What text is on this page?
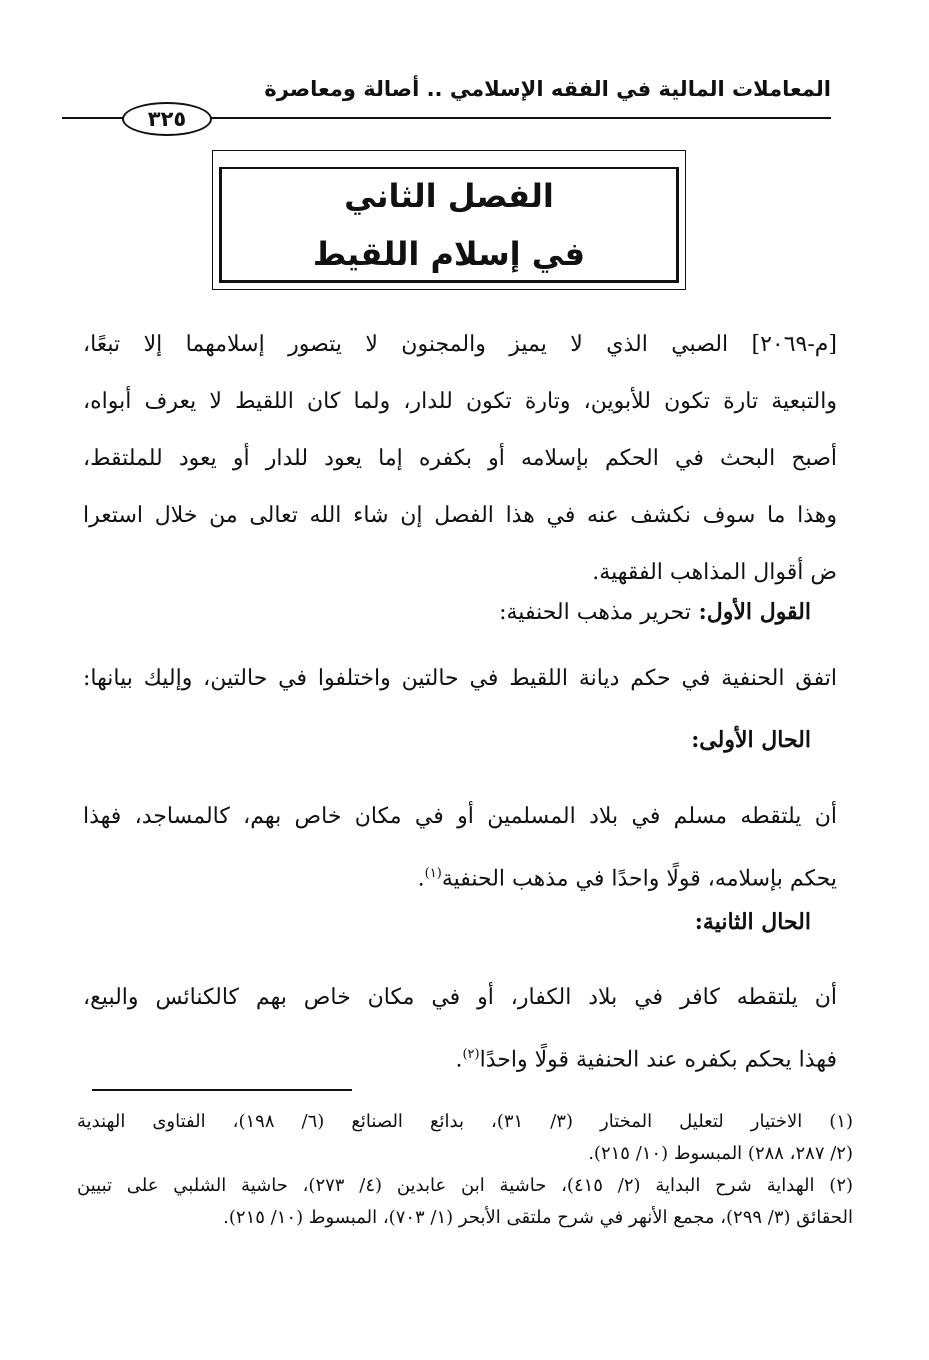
المعاملات المالية في الفقه الإسلامي .. أصالة ومعاصرة
٣٢٥
الفصل الثاني
في إسلام اللقيط
[م-٢٠٦٩] الصبي الذي لا يميز والمجنون لا يتصور إسلامهما إلا تبعًا،
والتبعية تارة تكون للأبوين، وتارة تكون للدار، ولما كان اللقيط لا يعرف أبواه،
أصبح البحث في الحكم بإسلامه أو بكفره إما يعود للدار أو يعود للملتقط،
وهذا ما سوف نكشف عنه في هذا الفصل إن شاء الله تعالى من خلال استعرا
ض أقوال المذاهب الفقهية.
القول الأول: تحرير مذهب الحنفية:
اتفق الحنفية في حكم ديانة اللقيط في حالتين واختلفوا في حالتين، وإليك بيانها:
الحال الأولى:
أن يلتقطه مسلم في بلاد المسلمين أو في مكان خاص بهم، كالمساجد، فهذا
يحكم بإسلامه، قولًا واحدًا في مذهب الحنفية$^{(١)}$.
الحال الثانية:
أن يلتقطه كافر في بلاد الكفار، أو في مكان خاص بهم كالكنائس والبيع،
فهذا يحكم بكفره عند الحنفية قولًا واحدًا$^{(٢)}$.
(١) الاختيار لتعليل المختار (٣/ ٣١)، بدائع الصنائع (٦/ ١٩٨)، الفتاوى الهندية
(٢/ ٢٨٧، ٢٨٨) المبسوط (١٠/ ٢١٥).
(٢) الهداية شرح البداية (٢/ ٤١٥)، حاشية ابن عابدين (٤/ ٢٧٣)، حاشية الشلبي على تبيين
الحقائق (٣/ ٢٩٩)، مجمع الأنهر في شرح ملتقى الأبحر (١/ ٧٠٣)، المبسوط (١٠/ ٢١٥).
